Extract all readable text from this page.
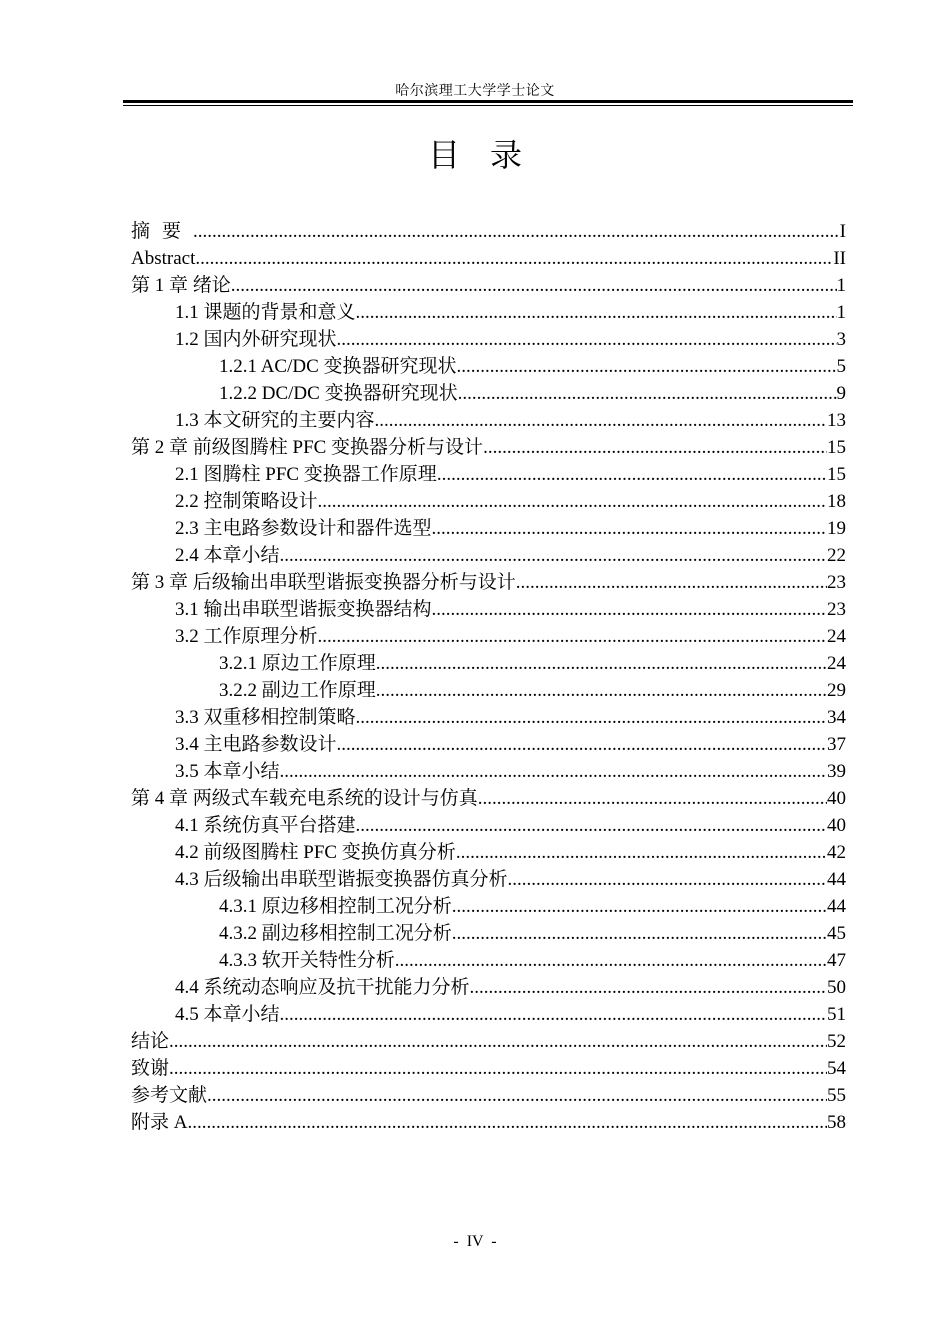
哈尔滨理工大学学士论文
目录
摘要 .....	I
Abstract .....	II
第 1 章 绪论 .....	1
1.1 课题的背景和意义 .....	1
1.2 国内外研究现状 .....	3
1.2.1 AC/DC 变换器研究现状 .....	5
1.2.2 DC/DC 变换器研究现状 .....	9
1.3 本文研究的主要内容 .....	13
第 2 章 前级图腾柱 PFC 变换器分析与设计 .....	15
2.1 图腾柱 PFC 变换器工作原理 .....	15
2.2 控制策略设计 .....	18
2.3 主电路参数设计和器件选型 .....	19
2.4 本章小结 .....	22
第 3 章 后级输出串联型谐振变换器分析与设计 .....	23
3.1 输出串联型谐振变换器结构 .....	23
3.2 工作原理分析 .....	24
3.2.1 原边工作原理 .....	24
3.2.2 副边工作原理 .....	29
3.3 双重移相控制策略 .....	34
3.4 主电路参数设计 .....	37
3.5 本章小结 .....	39
第 4 章 两级式车载充电系统的设计与仿真 .....	40
4.1 系统仿真平台搭建 .....	40
4.2 前级图腾柱 PFC 变换仿真分析 .....	42
4.3 后级输出串联型谐振变换器仿真分析 .....	44
4.3.1 原边移相控制工况分析 .....	44
4.3.2 副边移相控制工况分析 .....	45
4.3.3 软开关特性分析 .....	47
4.4 系统动态响应及抗干扰能力分析 .....	50
4.5 本章小结 .....	51
结论 .....	52
致谢 .....	54
参考文献 .....	55
附录 A .....	58
-  IV  -
